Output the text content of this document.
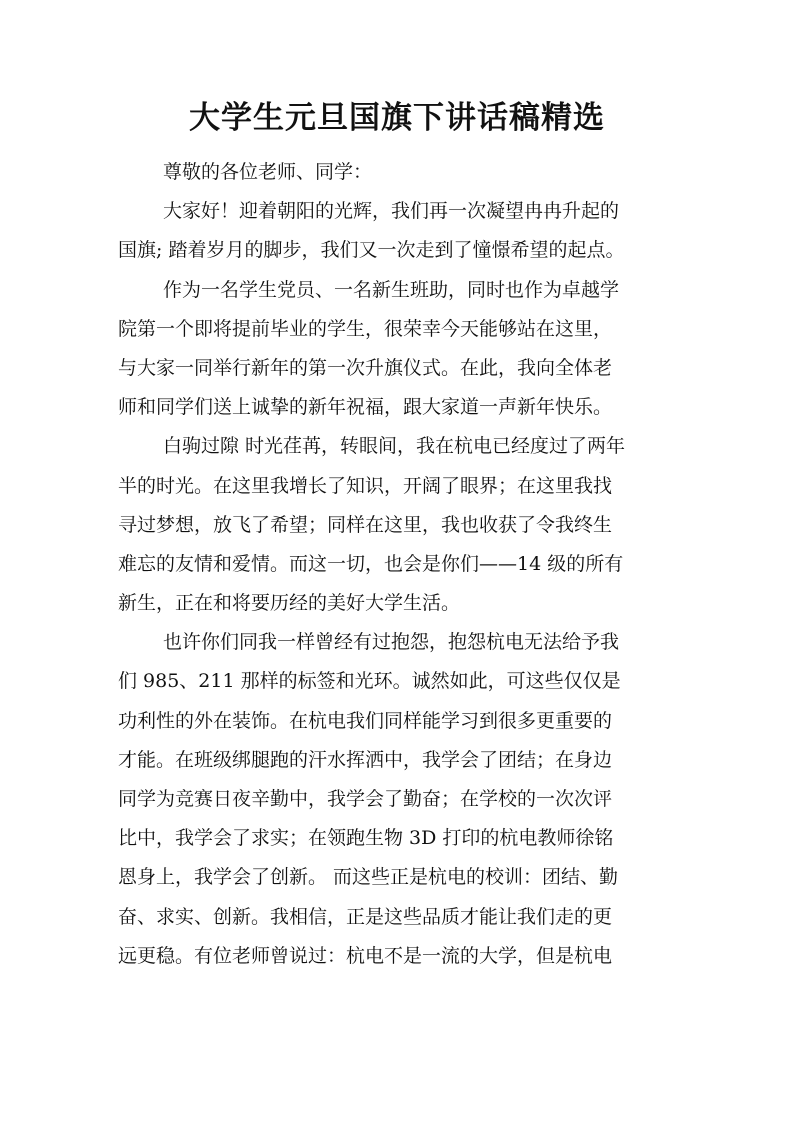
大学生元旦国旗下讲话稿精选
尊敬的各位老师、同学：
大家好！迎着朝阳的光辉，我们再一次凝望冉冉升起的
国旗; 踏着岁月的脚步，我们又一次走到了憧憬希望的起点。
作为一名学生党员、一名新生班助，同时也作为卓越学
院第一个即将提前毕业的学生，很荣幸今天能够站在这里，
与大家一同举行新年的第一次升旗仪式。在此，我向全体老
师和同学们送上诚挚的新年祝福，跟大家道一声新年快乐。
白驹过隙 时光荏苒，转眼间，我在杭电已经度过了两年
半的时光。在这里我增长了知识，开阔了眼界；在这里我找
寻过梦想，放飞了希望；同样在这里，我也收获了令我终生
难忘的友情和爱情。而这一切，也会是你们——14 级的所有
新生，正在和将要历经的美好大学生活。
也许你们同我一样曾经有过抱怨，抱怨杭电无法给予我
们 985、211 那样的标签和光环。诚然如此，可这些仅仅是
功利性的外在装饰。在杭电我们同样能学习到很多更重要的
才能。在班级绑腿跑的汗水挥洒中，我学会了团结；在身边
同学为竞赛日夜辛勤中，我学会了勤奋；在学校的一次次评
比中，我学会了求实；在领跑生物 3D 打印的杭电教师徐铭
恩身上，我学会了创新。 而这些正是杭电的校训：团结、勤
奋、求实、创新。我相信，正是这些品质才能让我们走的更
远更稳。有位老师曾说过：杭电不是一流的大学，但是杭电
